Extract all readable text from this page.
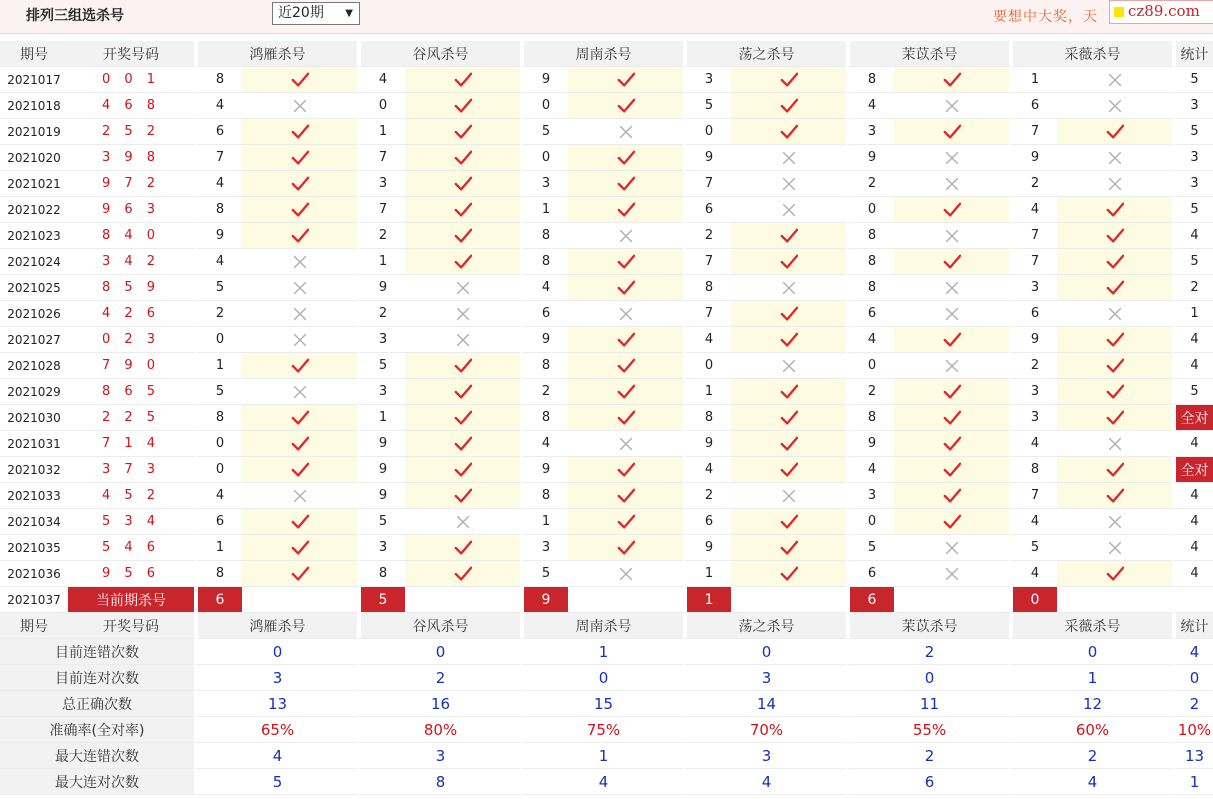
排列三组选杀号	近20期 ▼	要想中大奖，天 cz89.com
期号	开奖号码	鸿雁杀号		谷风杀号		周南杀号		荡之杀号		茉苡杀号		采薇杀号		统计
2021017	0 0 1	8		4		9		3		8		1		5
2021018	4 6 8	4		0		0		5		4		6		3
2021019	2 5 2	6		1		5		0		3		7		5
2021020	3 9 8	7		7		0		9		9		9		3
2021021	9 7 2	4		3		3		7		2		2		3
2021022	9 6 3	8		7		1		6		0		4		5
2021023	8 4 0	9		2		8		2		8		7		4
2021024	3 4 2	4		1		8		7		8		7		5
2021025	8 5 9	5		9		4		8		8		3		2
2021026	4 2 6	2		2		6		7		6		6		1
2021027	0 2 3	0		3		9		4		4		9		4
2021028	7 9 0	1		5		8		0		0		2		4
2021029	8 6 5	5		3		2		1		2		3		5
2021030	2 2 5	8		1		8		8		8		3		全对
2021031	7 1 4	0		9		4		9		9		4		4
2021032	3 7 3	0		9		9		4		4		8		全对
2021033	4 5 2	4		9		8		2		3		7		4
2021034	5 3 4	6		5		1		6		0		4		4
2021035	5 4 6	1		3		3		9		5		5		4
2021036	9 5 6	8		8		5		1		6		4		4
2021037	当前期杀号	6		5		9		1		6		0		
期号	开奖号码	鸿雁杀号		谷风杀号		周南杀号		荡之杀号		茉苡杀号		采薇杀号		统计
目前连错次数		0		0		1		0		2		0		4
目前连对次数		3		2		0		3		0		1		0
总正确次数		13		16		15		14		11		12		2
准确率(全对率)		65%		80%		75%		70%		55%		60%		10%
最大连错次数		4		3		1		3		2		2		13
最大连对次数		5		8		4		4		6		4		1
